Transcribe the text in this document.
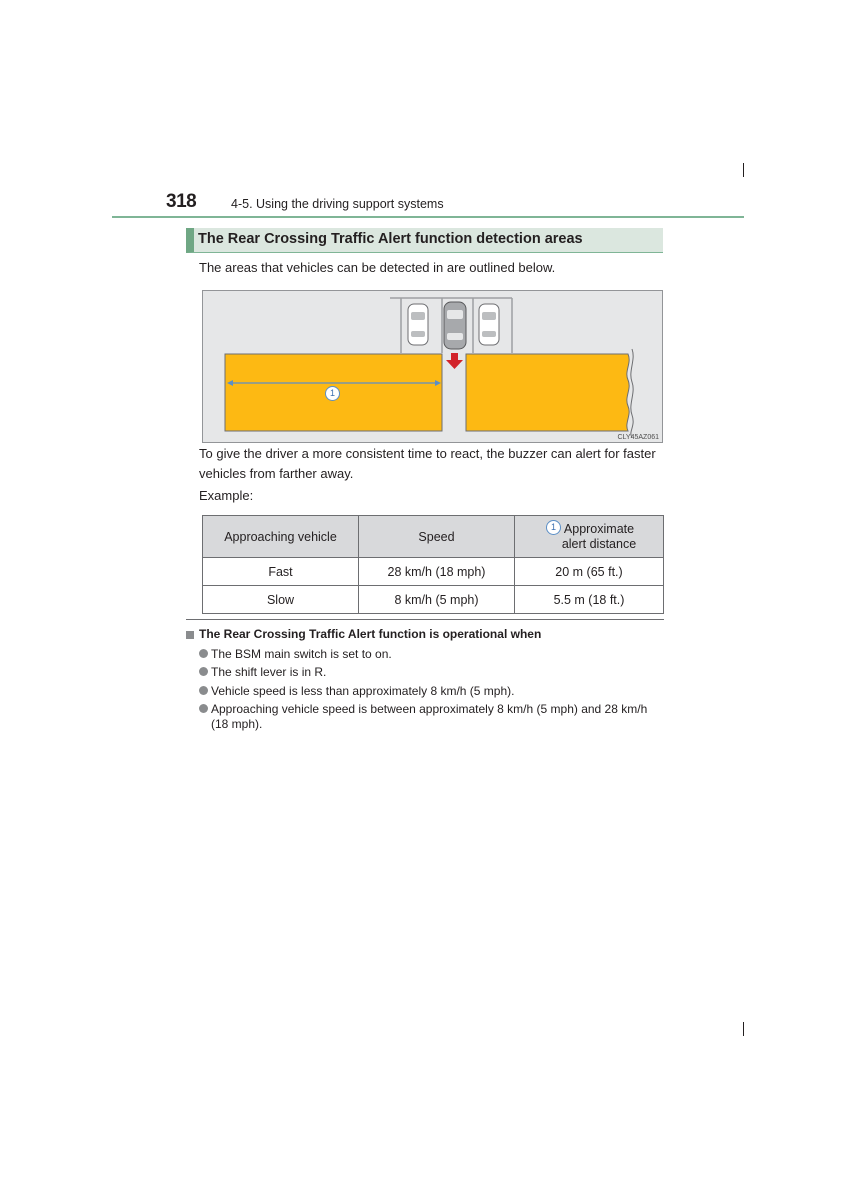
318	4-5. Using the driving support systems
The Rear Crossing Traffic Alert function detection areas
The areas that vehicles can be detected in are outlined below.
1
CLY45AZ061
To give the driver a more consistent time to react, the buzzer can alert for faster
vehicles from farther away.
Example:
Approaching vehicle	Speed	1 Approximate
alert distance

Fast	28 km/h (18 mph)	20 m (65 ft.)
Slow	8 km/h (5 mph)	5.5 m (18 ft.)
The Rear Crossing Traffic Alert function is operational when
The BSM main switch is set to on.
The shift lever is in R.
Vehicle speed is less than approximately 8 km/h (5 mph).
Approaching vehicle speed is between approximately 8 km/h (5 mph) and 28 km/h
(18 mph).
